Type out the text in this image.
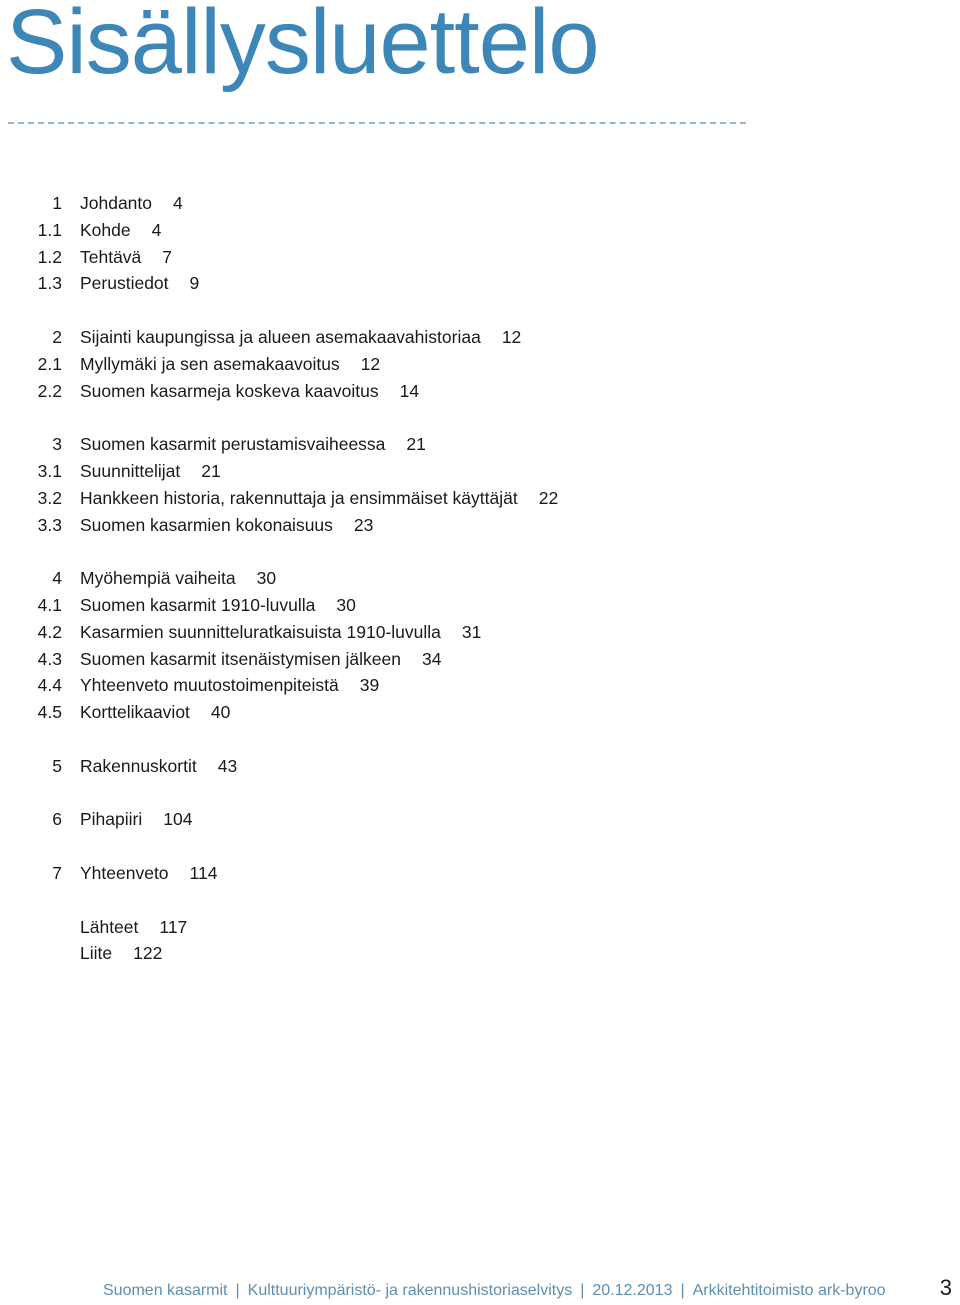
Sisällysluettelo
1 Johdanto 4
1.1 Kohde 4
1.2 Tehtävä 7
1.3 Perustiedot 9
2 Sijainti kaupungissa ja alueen asemakaavahistoriaa 12
2.1 Myllymäki ja sen asemakaavoitus 12
2.2 Suomen kasarmeja koskeva kaavoitus 14
3 Suomen kasarmit perustamisvaiheessa 21
3.1 Suunnittelijat 21
3.2 Hankkeen historia, rakennuttaja ja ensimmäiset käyttäjät 22
3.3 Suomen kasarmien kokonaisuus 23
4 Myöhempiä vaiheita 30
4.1 Suomen kasarmit 1910-luvulla 30
4.2 Kasarmien suunnitteluratkaisuista 1910-luvulla 31
4.3 Suomen kasarmit itsenäistymisen jälkeen 34
4.4 Yhteenveto muutostoimenpiteistä 39
4.5 Korttelikaaviot 40
5 Rakennuskortit 43
6 Pihapiiri 104
7 Yhteenveto 114
Lähteet 117
Liite 122
Suomen kasarmit | Kulttuuriympäristö- ja rakennushistoriaselvitys | 20.12.2013 | Arkkitehtitoimisto ark-byroo 3
